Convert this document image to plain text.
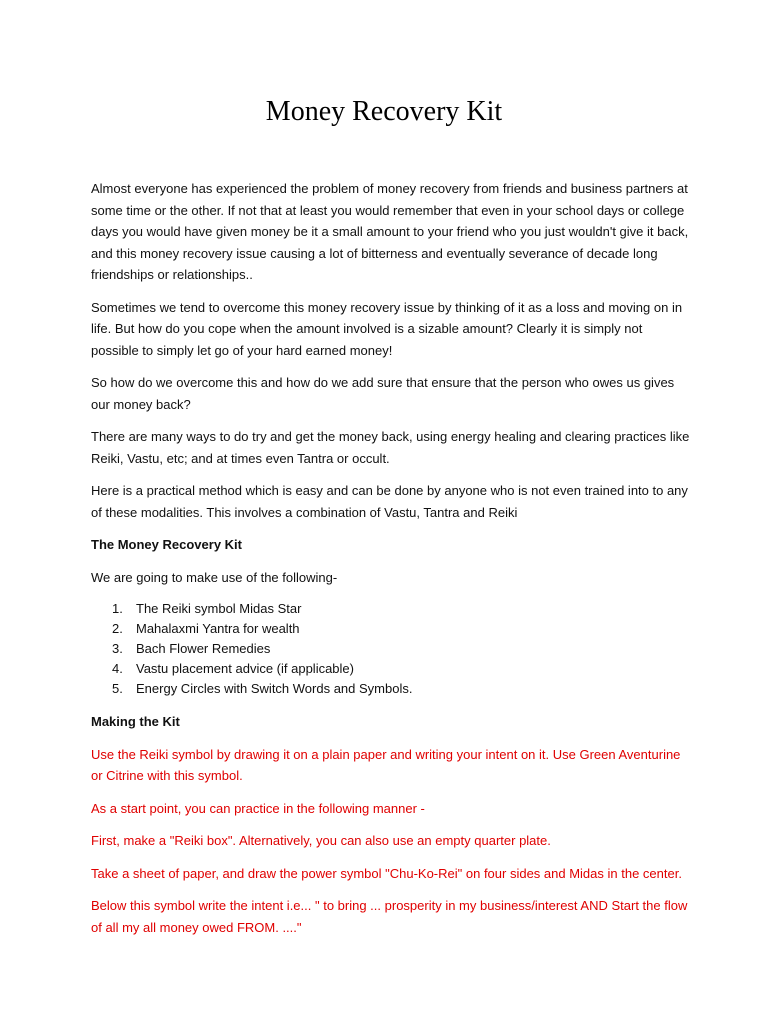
Money Recovery Kit

Almost everyone has experienced the problem of money recovery from friends and business partners at some time or the other. If not that at least you would remember that even in your school days or college days you would have given money be it a small amount to your friend who you just wouldn't give it back, and this money recovery issue causing a lot of bitterness and eventually severance of decade long friendships or relationships..

Sometimes we tend to overcome this money recovery issue by thinking of it as a loss and moving on in life. But how do you cope when the amount involved is a sizable amount? Clearly it is simply not possible to simply let go of your hard earned money!

So how do we overcome this and how do we add sure that ensure that the person who owes us gives our money back?

There are many ways to do try and get the money back, using energy healing and clearing practices like Reiki, Vastu, etc; and at times even Tantra or occult.

Here is a practical method which is easy and can be done by anyone who is not even trained into to any of these modalities. This involves a combination of Vastu, Tantra and Reiki

The Money Recovery Kit

We are going to make use of the following-

1. The Reiki symbol Midas Star
2. Mahalaxmi Yantra for wealth
3. Bach Flower Remedies
4. Vastu placement advice (if applicable)
5. Energy Circles with Switch Words and Symbols.

Making the Kit

Use the Reiki symbol by drawing it on a plain paper and writing your intent on it. Use Green Aventurine or Citrine with this symbol.

As a start point, you can practice in the following manner -

First, make a "Reiki box". Alternatively, you can also use an empty quarter plate.

Take a sheet of paper, and draw the power symbol "Chu-Ko-Rei" on four sides and Midas in the center.

Below this symbol write the intent i.e... " to bring ... prosperity in my business/interest AND Start the flow of all my all money owed FROM. ...."
